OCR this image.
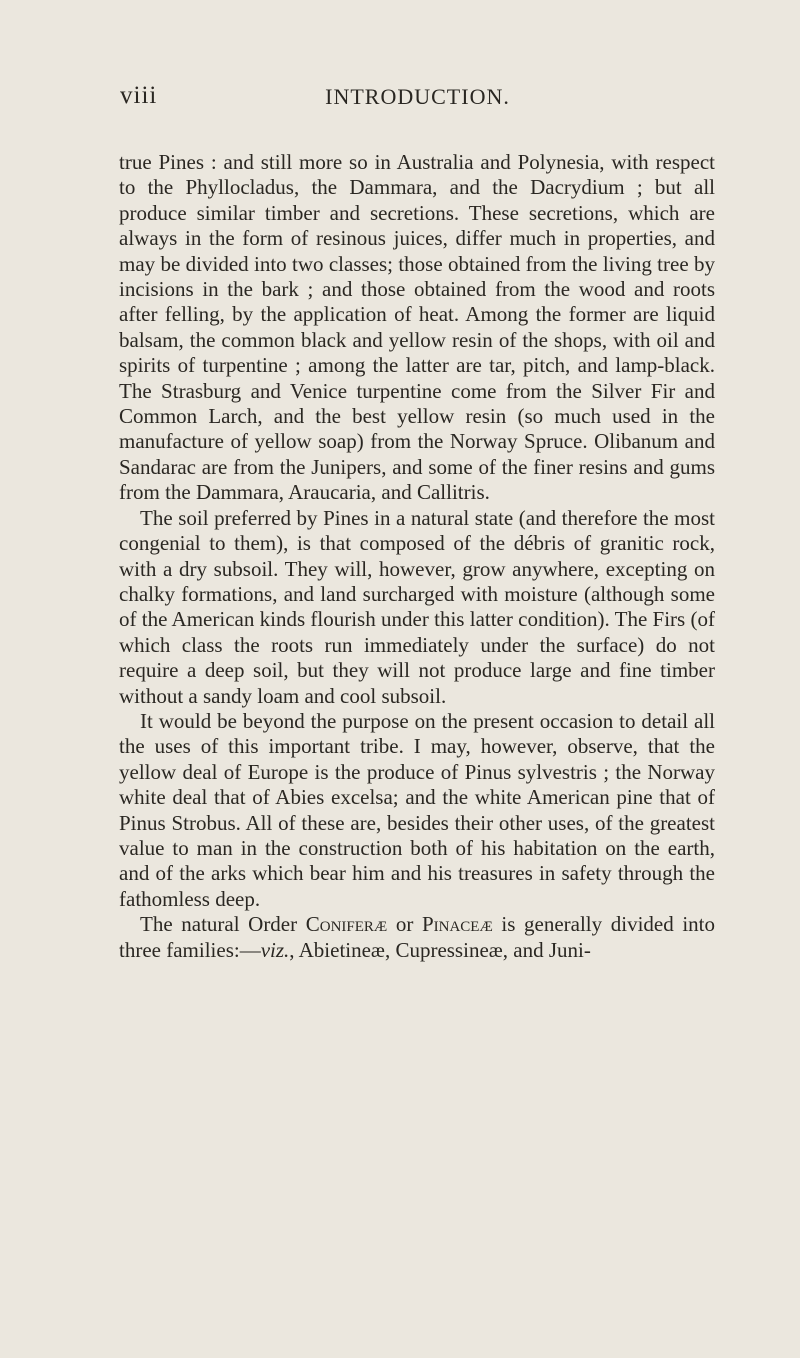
viii	INTRODUCTION.

true Pines : and still more so in Australia and Polynesia, with respect to the Phyllocladus, the Dammara, and the Dacrydium ; but all produce similar timber and secretions. These secretions, which are always in the form of resinous juices, differ much in properties, and may be divided into two classes; those obtained from the living tree by incisions in the bark ; and those obtained from the wood and roots after felling, by the application of heat. Among the former are liquid balsam, the common black and yellow resin of the shops, with oil and spirits of turpentine ; among the latter are tar, pitch, and lamp-black. The Strasburg and Venice turpentine come from the Silver Fir and Common Larch, and the best yellow resin (so much used in the manufacture of yellow soap) from the Norway Spruce. Olibanum and Sandarac are from the Junipers, and some of the finer resins and gums from the Dammara, Araucaria, and Callitris.

The soil preferred by Pines in a natural state (and therefore the most congenial to them), is that composed of the débris of granitic rock, with a dry subsoil. They will, however, grow anywhere, excepting on chalky formations, and land surcharged with moisture (although some of the American kinds flourish under this latter condition). The Firs (of which class the roots run immediately under the surface) do not require a deep soil, but they will not produce large and fine timber without a sandy loam and cool subsoil.

It would be beyond the purpose on the present occasion to detail all the uses of this important tribe. I may, however, observe, that the yellow deal of Europe is the produce of Pinus sylvestris ; the Norway white deal that of Abies excelsa; and the white American pine that of Pinus Strobus. All of these are, besides their other uses, of the greatest value to man in the construction both of his habitation on the earth, and of the arks which bear him and his treasures in safety through the fathomless deep.

The natural Order Coniferæ or Pinaceæ is generally divided into three families:—viz., Abietineæ, Cupressineæ, and Juni-
